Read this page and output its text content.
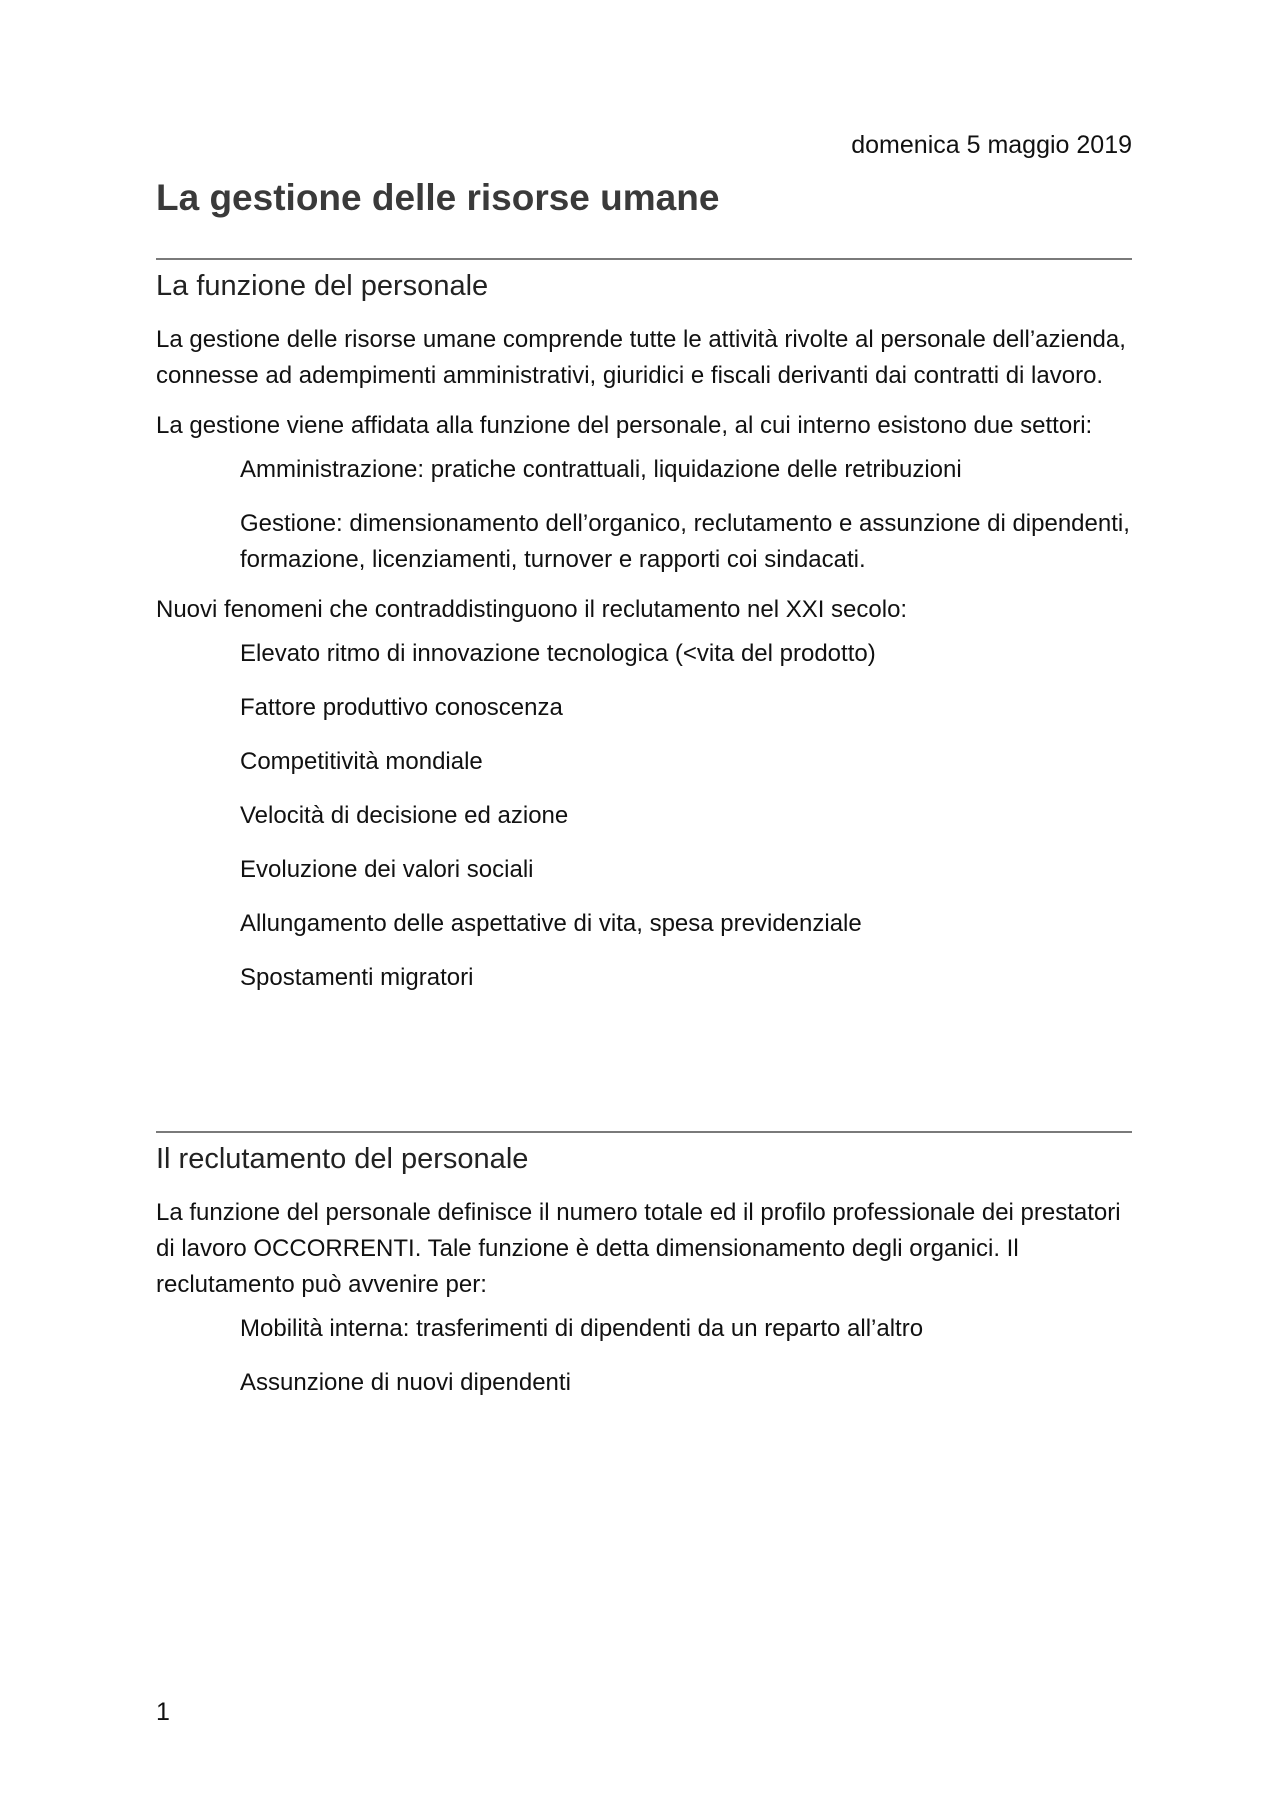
domenica 5 maggio 2019
La gestione delle risorse umane
La funzione del personale

La gestione delle risorse umane comprende tutte le attività rivolte al personale dell’azienda, connesse ad adempimenti amministrativi, giuridici e fiscali derivanti dai contratti di lavoro.

La gestione viene affidata alla funzione del personale, al cui interno esistono due settori:

Amministrazione: pratiche contrattuali, liquidazione delle retribuzioni
Gestione: dimensionamento dell’organico, reclutamento e assunzione di dipendenti, formazione, licenziamenti, turnover e rapporti coi sindacati.

Nuovi fenomeni che contraddistinguono il reclutamento nel XXI secolo:

Elevato ritmo di innovazione tecnologica (<vita del prodotto)
Fattore produttivo conoscenza
Competitività mondiale
Velocità di decisione ed azione
Evoluzione dei valori sociali
Allungamento delle aspettative di vita, spesa previdenziale
Spostamenti migratori
Il reclutamento del personale

La funzione del personale definisce il numero totale ed il profilo professionale dei prestatori di lavoro OCCORRENTI. Tale funzione è detta dimensionamento degli organici. Il reclutamento può avvenire per:

Mobilità interna: trasferimenti di dipendenti da un reparto all’altro
Assunzione di nuovi dipendenti
1
